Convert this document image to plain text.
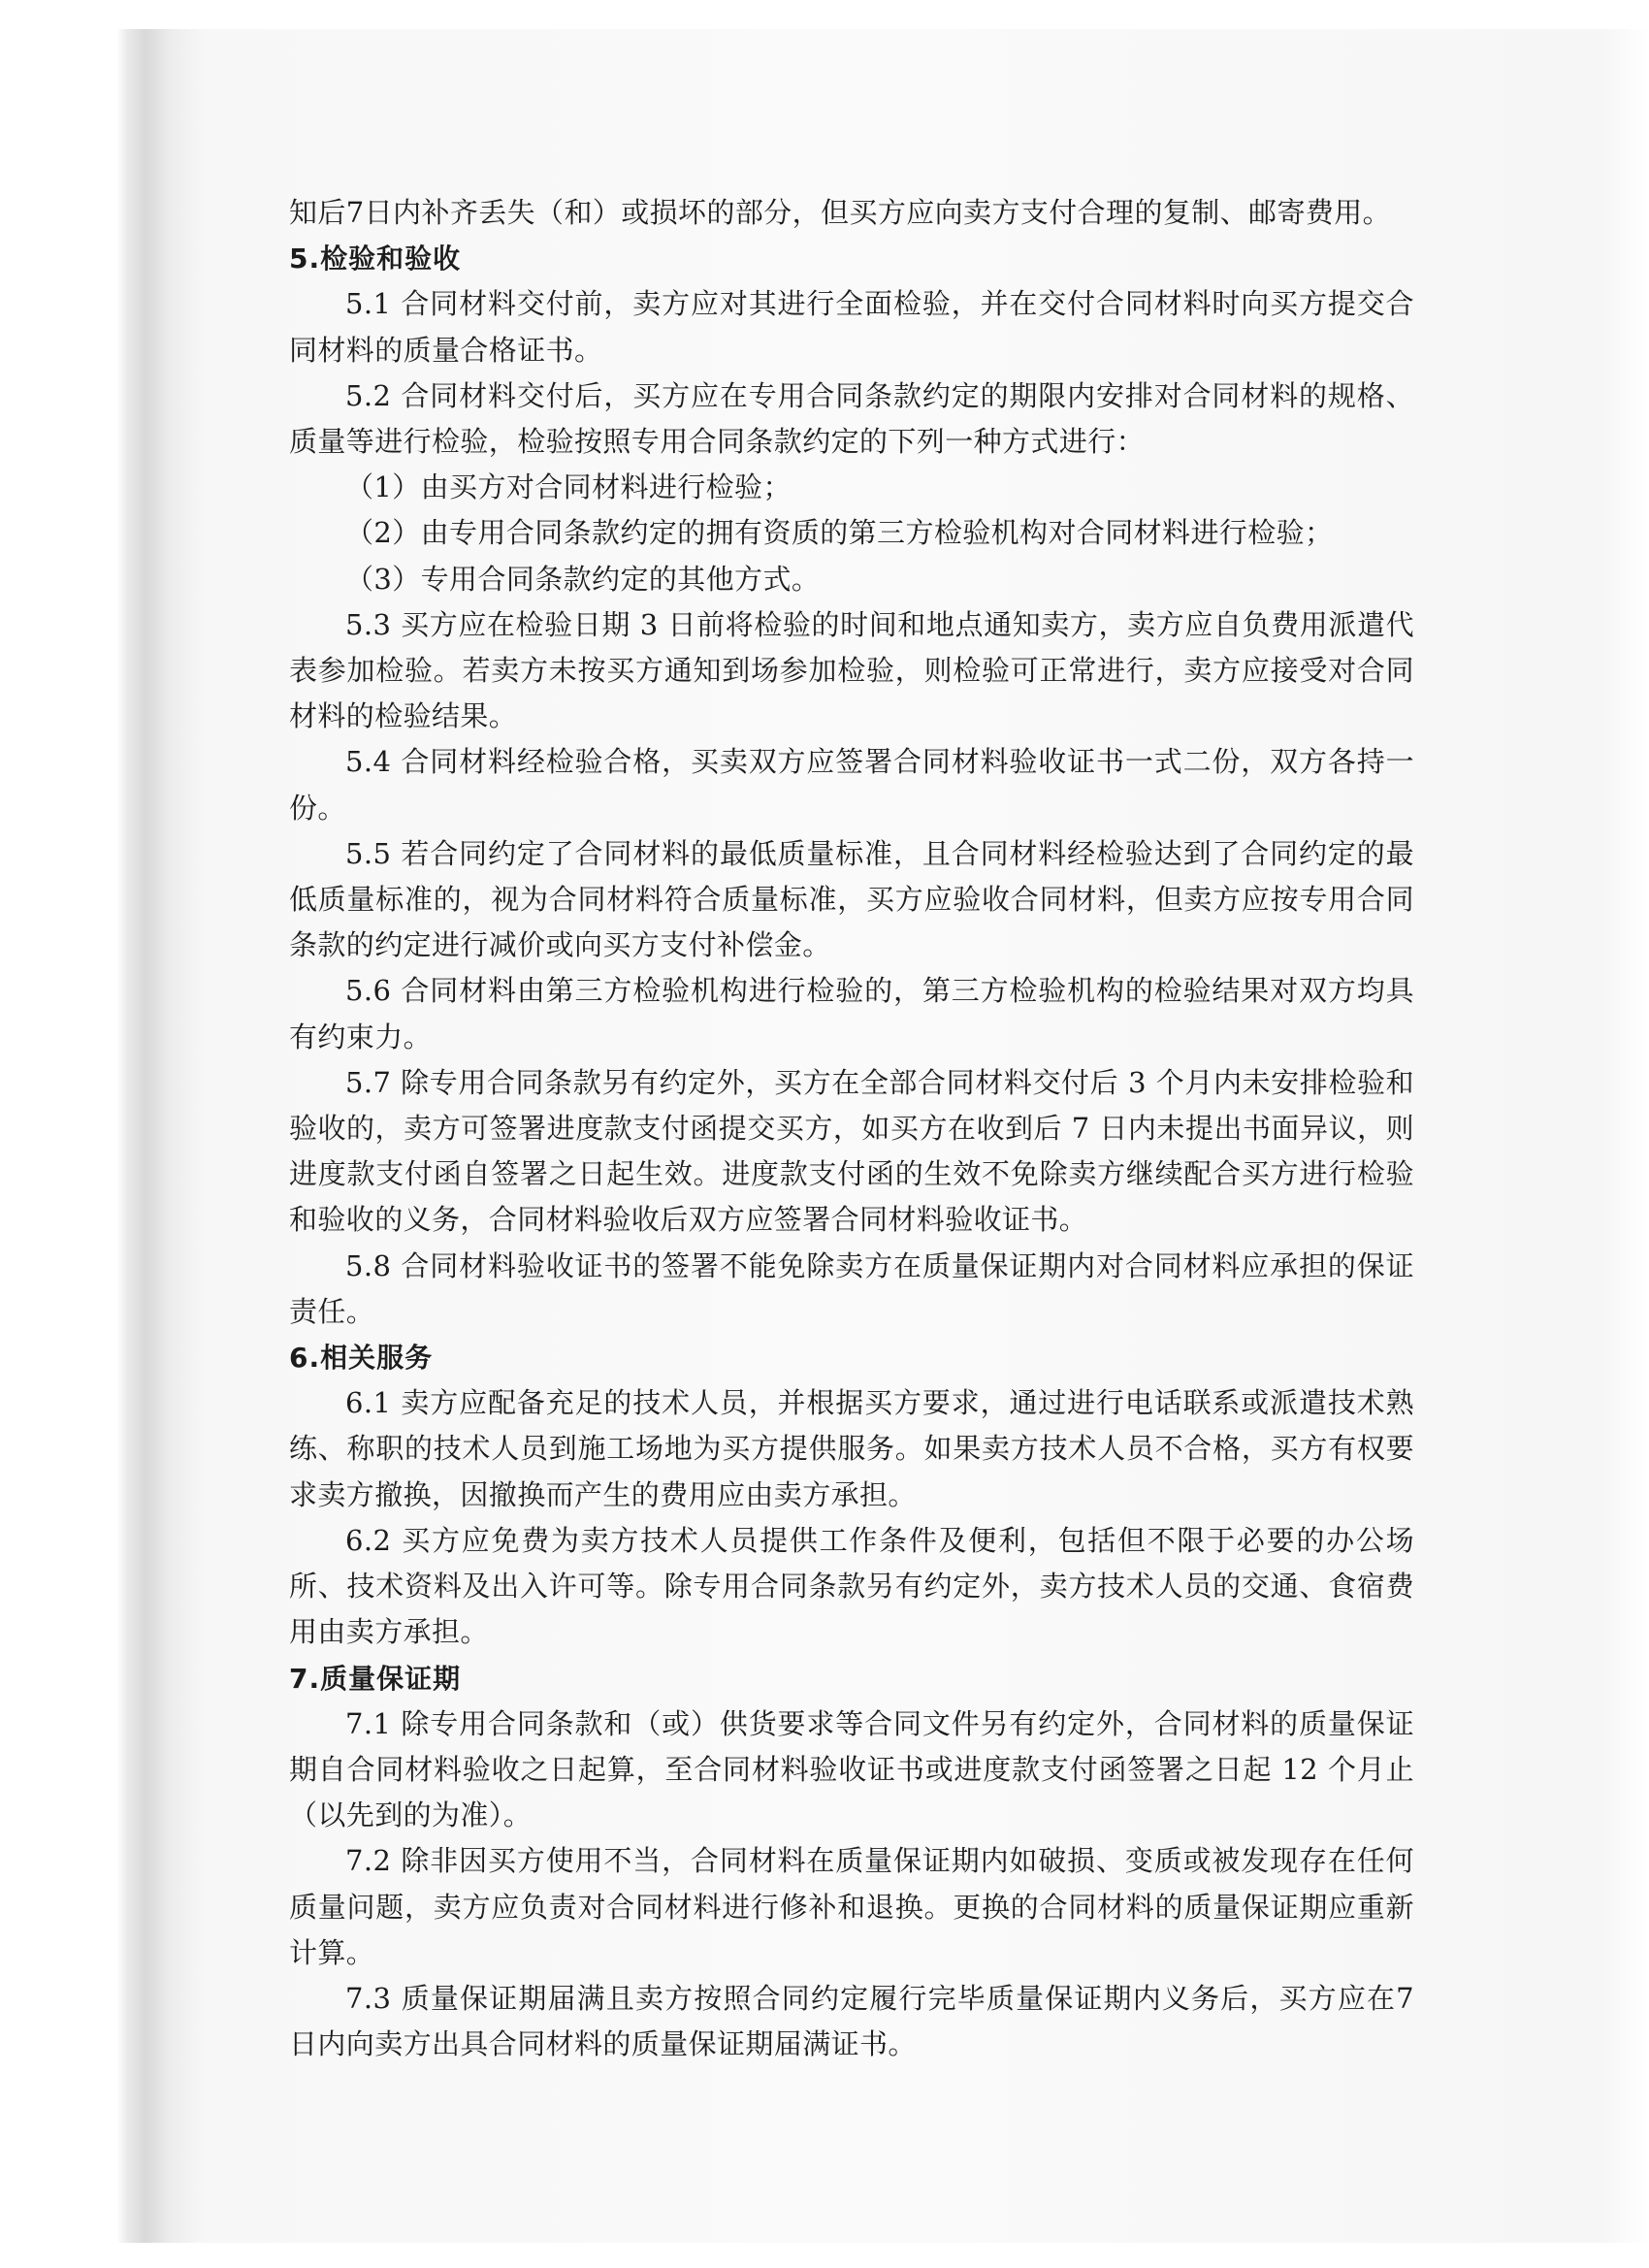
知后7日内补齐丢失（和）或损坏的部分，但买方应向卖方支付合理的复制、邮寄费用。

5.检验和验收

5.1 合同材料交付前，卖方应对其进行全面检验，并在交付合同材料时向买方提交合同材料的质量合格证书。

5.2 合同材料交付后，买方应在专用合同条款约定的期限内安排对合同材料的规格、质量等进行检验，检验按照专用合同条款约定的下列一种方式进行：

（1）由买方对合同材料进行检验；

（2）由专用合同条款约定的拥有资质的第三方检验机构对合同材料进行检验；

（3）专用合同条款约定的其他方式。

5.3 买方应在检验日期 3 日前将检验的时间和地点通知卖方，卖方应自负费用派遣代表参加检验。若卖方未按买方通知到场参加检验，则检验可正常进行，卖方应接受对合同材料的检验结果。

5.4 合同材料经检验合格，买卖双方应签署合同材料验收证书一式二份，双方各持一份。

5.5 若合同约定了合同材料的最低质量标准，且合同材料经检验达到了合同约定的最低质量标准的，视为合同材料符合质量标准，买方应验收合同材料，但卖方应按专用合同条款的约定进行减价或向买方支付补偿金。

5.6 合同材料由第三方检验机构进行检验的，第三方检验机构的检验结果对双方均具有约束力。

5.7 除专用合同条款另有约定外，买方在全部合同材料交付后 3 个月内未安排检验和验收的，卖方可签署进度款支付函提交买方，如买方在收到后 7 日内未提出书面异议，则进度款支付函自签署之日起生效。进度款支付函的生效不免除卖方继续配合买方进行检验和验收的义务，合同材料验收后双方应签署合同材料验收证书。

5.8 合同材料验收证书的签署不能免除卖方在质量保证期内对合同材料应承担的保证责任。

6.相关服务

6.1 卖方应配备充足的技术人员，并根据买方要求，通过进行电话联系或派遣技术熟练、称职的技术人员到施工场地为买方提供服务。如果卖方技术人员不合格，买方有权要求卖方撤换，因撤换而产生的费用应由卖方承担。

6.2 买方应免费为卖方技术人员提供工作条件及便利，包括但不限于必要的办公场所、技术资料及出入许可等。除专用合同条款另有约定外，卖方技术人员的交通、食宿费用由卖方承担。

7.质量保证期

7.1 除专用合同条款和（或）供货要求等合同文件另有约定外，合同材料的质量保证期自合同材料验收之日起算，至合同材料验收证书或进度款支付函签署之日起 12 个月止（以先到的为准）。

7.2 除非因买方使用不当，合同材料在质量保证期内如破损、变质或被发现存在任何质量问题，卖方应负责对合同材料进行修补和退换。更换的合同材料的质量保证期应重新计算。

7.3 质量保证期届满且卖方按照合同约定履行完毕质量保证期内义务后，买方应在7日内向卖方出具合同材料的质量保证期届满证书。
